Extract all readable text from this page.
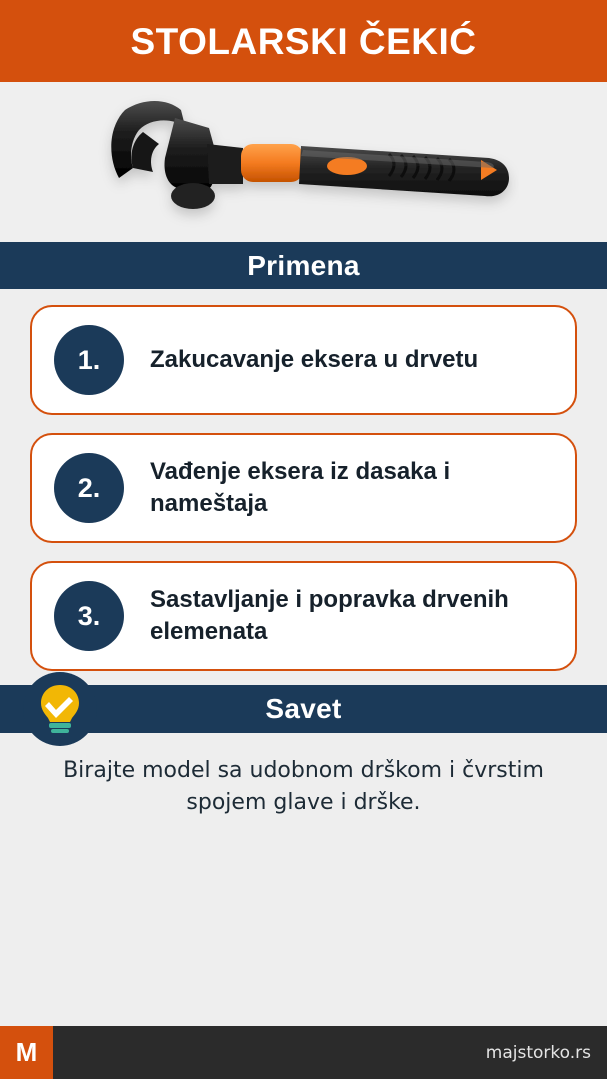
STOLARSKI ČEKIĆ
Primena
1.	Zakucavanje eksera u drvetu
2.
Vađenje eksera iz dasaka i nameštaja
3.
Sastavljanje i popravka drvenih elemenata
Savet
Birajte model sa udobnom drškom i čvrstim spojem glave i drške.
M	majstorko.rs
